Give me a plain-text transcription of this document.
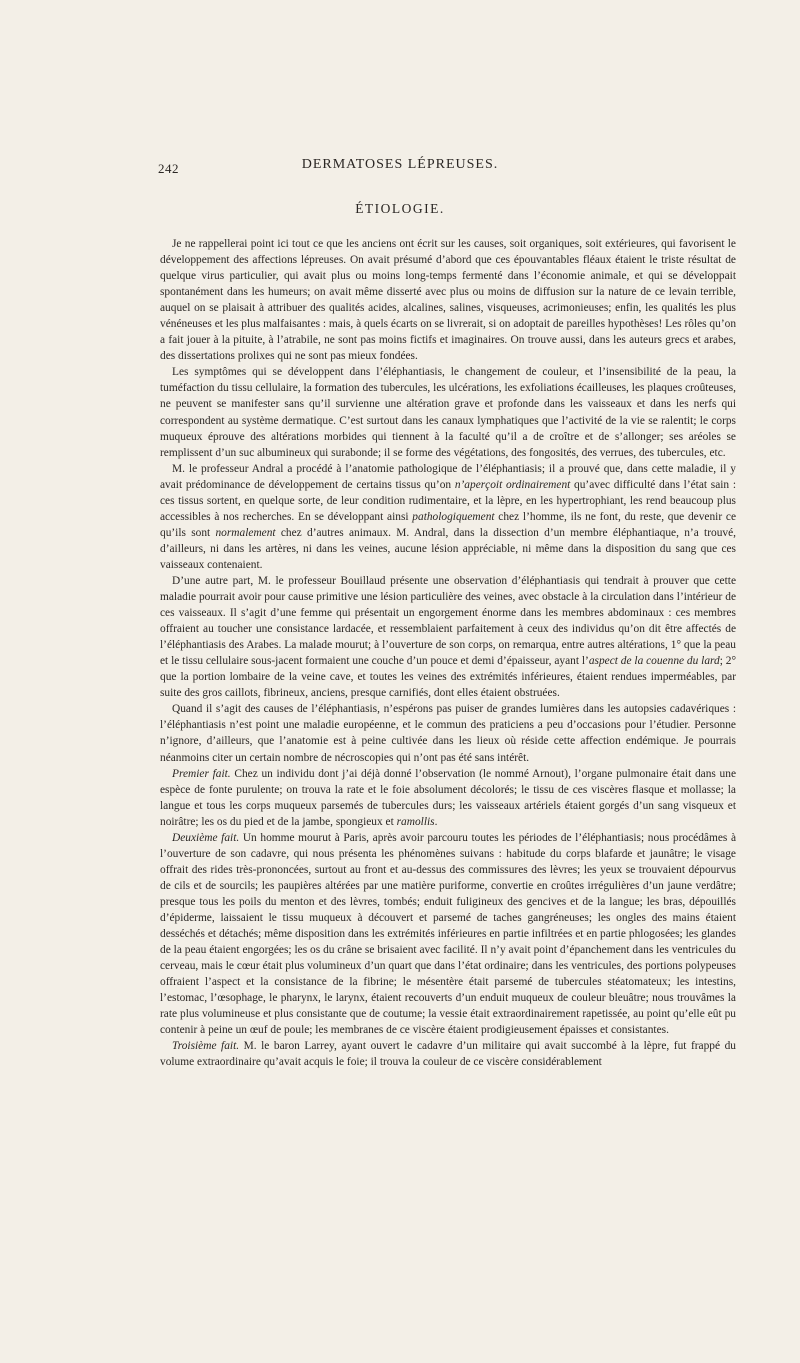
242	DERMATOSES LÉPREUSES.
ÉTIOLOGIE.

Je ne rappellerai point ici tout ce que les anciens ont écrit sur les causes, soit organiques, soit extérieures, qui favorisent le développement des affections lépreuses. On avait présumé d’abord que ces épouvantables fléaux étaient le triste résultat de quelque virus particulier, qui avait plus ou moins long-temps fermenté dans l’économie animale, et qui se développait spontanément dans les humeurs; on avait même disserté avec plus ou moins de diffusion sur la nature de ce levain terrible, auquel on se plaisait à attribuer des qualités acides, alcalines, salines, visqueuses, acrimonieuses; enfin, les qualités les plus vénéneuses et les plus malfaisantes : mais, à quels écarts on se livrerait, si on adoptait de pareilles hypothèses! Les rôles qu’on a fait jouer à la pituite, à l’atrabile, ne sont pas moins fictifs et imaginaires. On trouve aussi, dans les auteurs grecs et arabes, des dissertations prolixes qui ne sont pas mieux fondées.

Les symptômes qui se développent dans l’éléphantiasis, le changement de couleur, et l’insensibilité de la peau, la tuméfaction du tissu cellulaire, la formation des tubercules, les ulcérations, les exfoliations écailleuses, les plaques croûteuses, ne peuvent se manifester sans qu’il survienne une altération grave et profonde dans les vaisseaux et dans les nerfs qui correspondent au système dermatique. C’est surtout dans les canaux lymphatiques que l’activité de la vie se ralentit; le corps muqueux éprouve des altérations morbides qui tiennent à la faculté qu’il a de croître et de s’allonger; ses aréoles se remplissent d’un suc albumineux qui surabonde; il se forme des végétations, des fongosités, des verrues, des tubercules, etc.

M. le professeur Andral a procédé à l’anatomie pathologique de l’éléphantiasis; il a prouvé que, dans cette maladie, il y avait prédominance de développement de certains tissus qu’on n’aperçoit ordinairement qu’avec difficulté dans l’état sain : ces tissus sortent, en quelque sorte, de leur condition rudimentaire, et la lèpre, en les hypertrophiant, les rend beaucoup plus accessibles à nos recherches. En se développant ainsi pathologiquement chez l’homme, ils ne font, du reste, que devenir ce qu’ils sont normalement chez d’autres animaux. M. Andral, dans la dissection d’un membre éléphantiaque, n’a trouvé, d’ailleurs, ni dans les artères, ni dans les veines, aucune lésion appréciable, ni même dans la disposition du sang que ces vaisseaux contenaient.

D’une autre part, M. le professeur Bouillaud présente une observation d’éléphantiasis qui tendrait à prouver que cette maladie pourrait avoir pour cause primitive une lésion particulière des veines, avec obstacle à la circulation dans l’intérieur de ces vaisseaux. Il s’agit d’une femme qui présentait un engorgement énorme dans les membres abdominaux : ces membres offraient au toucher une consistance lardacée, et ressemblaient parfaitement à ceux des individus qu’on dit être affectés de l’éléphantiasis des Arabes. La malade mourut; à l’ouverture de son corps, on remarqua, entre autres altérations, 1° que la peau et le tissu cellulaire sous-jacent formaient une couche d’un pouce et demi d’épaisseur, ayant l’aspect de la couenne du lard; 2° que la portion lombaire de la veine cave, et toutes les veines des extrémités inférieures, étaient rendues imperméables, par suite des gros caillots, fibrineux, anciens, presque carnifiés, dont elles étaient obstruées.

Quand il s’agit des causes de l’éléphantiasis, n’espérons pas puiser de grandes lumières dans les autopsies cadavériques : l’éléphantiasis n’est point une maladie européenne, et le commun des praticiens a peu d’occasions pour l’étudier. Personne n’ignore, d’ailleurs, que l’anatomie est à peine cultivée dans les lieux où réside cette affection endémique. Je pourrais néanmoins citer un certain nombre de nécroscopies qui n’ont pas été sans intérêt.

Premier fait. Chez un individu dont j’ai déjà donné l’observation (le nommé Arnout), l’organe pulmonaire était dans une espèce de fonte purulente; on trouva la rate et le foie absolument décolorés; le tissu de ces viscères flasque et mollasse; la langue et tous les corps muqueux parsemés de tubercules durs; les vaisseaux artériels étaient gorgés d’un sang visqueux et noirâtre; les os du pied et de la jambe, spongieux et ramollis.

Deuxième fait. Un homme mourut à Paris, après avoir parcouru toutes les périodes de l’éléphantiasis; nous procédâmes à l’ouverture de son cadavre, qui nous présenta les phénomènes suivans : habitude du corps blafarde et jaunâtre; le visage offrait des rides très-prononcées, surtout au front et au-dessus des commissures des lèvres; les yeux se trouvaient dépourvus de cils et de sourcils; les paupières altérées par une matière puriforme, convertie en croûtes irrégulières d’un jaune verdâtre; presque tous les poils du menton et des lèvres, tombés; enduit fuligineux des gencives et de la langue; les bras, dépouillés d’épiderme, laissaient le tissu muqueux à découvert et parsemé de taches gangréneuses; les ongles des mains étaient desséchés et détachés; même disposition dans les extrémités inférieures en partie infiltrées et en partie phlogosées; les glandes de la peau étaient engorgées; les os du crâne se brisaient avec facilité. Il n’y avait point d’épanchement dans les ventricules du cerveau, mais le cœur était plus volumineux d’un quart que dans l’état ordinaire; dans les ventricules, des portions polypeuses offraient l’aspect et la consistance de la fibrine; le mésentère était parsemé de tubercules stéatomateux; les intestins, l’estomac, l’œsophage, le pharynx, le larynx, étaient recouverts d’un enduit muqueux de couleur bleuâtre; nous trouvâmes la rate plus volumineuse et plus consistante que de coutume; la vessie était extraordinairement rapetissée, au point qu’elle eût pu contenir à peine un œuf de poule; les membranes de ce viscère étaient prodigieusement épaisses et consistantes.

Troisième fait. M. le baron Larrey, ayant ouvert le cadavre d’un militaire qui avait succombé à la lèpre, fut frappé du volume extraordinaire qu’avait acquis le foie; il trouva la couleur de ce viscère considérablement
